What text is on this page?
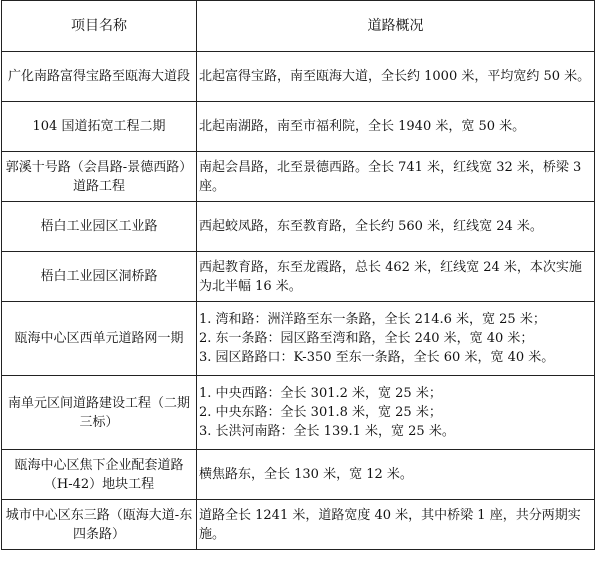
项目名称	道路概况
广化南路富得宝路至瓯海大道段	北起富得宝路，南至瓯海大道，全长约 1000 米，平均宽约 50 米。

104 国道拓宽工程二期	北起南湖路，南至市福利院，全长 1940 米，宽 50 米。

郭溪十号路（会昌路-景德西路）道路工程	南起会昌路，北至景德西路。全长 741 米，红线宽 32 米，桥梁 3 座。

梧白工业园区工业路	西起蛟凤路，东至教育路，全长约 560 米，红线宽 24 米。

梧白工业园区洞桥路	西起教育路，东至龙霞路，总长 462 米，红线宽 24 米，本次实施为北半幅 16 米。

瓯海中心区西单元道路网一期	1. 湾和路：洲洋路至东一条路，全长 214.6 米，宽 25 米；
2. 东一条路：园区路至湾和路，全长 240 米，宽 40 米；
3. 园区路路口：K-350 至东一条路，全长 60 米，宽 40 米。

南单元区间道路建设工程（二期三标）	1. 中央西路：全长 301.2 米，宽 25 米；
2. 中央东路：全长 301.8 米，宽 25 米；
3. 长洪河南路：全长 139.1 米，宽 25 米。

瓯海中心区焦下企业配套道路（H-42）地块工程	横焦路东，全长 130 米，宽 12 米。

城市中心区东三路（瓯海大道-东四条路）	道路全长 1241 米，道路宽度 40 米，其中桥梁 1 座，共分两期实施。
